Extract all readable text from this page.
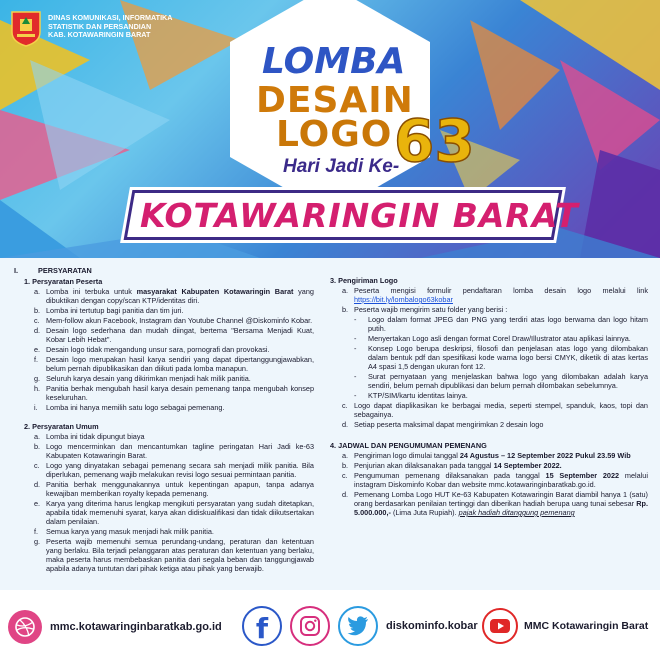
DINAS KOMUNIKASI, INFORMATIKA
STATISTIK DAN PERSANDIAN
KAB. KOTAWARINGIN BARAT
LOMBA
DESAIN
LOGO
Hari Jadi Ke-
63
KOTAWARINGIN BARAT
I.	PERSYARATAN
1. Persyaratan Peserta
a. Lomba ini terbuka untuk masyarakat Kabupaten Kotawaringin Barat yang dibuktikan dengan copy/scan KTP/identitas diri.
b. Lomba ini tertutup bagi panitia dan tim juri.
c. Mem-follow akun Facebook, Instagram dan Youtube Channel @Diskominfo Kobar.
d. Desain logo sederhana dan mudah diingat, bertema "Bersama Menjadi Kuat, Kobar Lebih Hebat".
e. Desain logo tidak mengandung unsur sara, pornografi dan provokasi.
f.	Desain logo merupakan hasil karya sendiri yang dapat dipertanggungjawabkan, belum pernah dipublikasikan dan diikuti pada lomba manapun.
g. Seluruh karya desain yang dikirimkan menjadi hak milik panitia.
h. Panitia berhak mengubah hasil karya desain pemenang tanpa mengubah konsep keseluruhan.
i.	Lomba ini hanya memilih satu logo sebagai pemenang.
2. Persyaratan Umum
a. Lomba ini tidak dipungut biaya
b. Logo mencerminkan dan mencantumkan tagline peringatan Hari Jadi ke-63 Kabupaten Kotawaringin Barat.
c. Logo yang dinyatakan sebagai pemenang secara sah menjadi milik panitia. Bila diperlukan, pemenang wajib melakukan revisi logo sesuai permintaan panitia.
d. Panitia berhak menggunakannya untuk kepentingan apapun, tanpa adanya kewajiban memberikan royalty kepada pemenang.
e. Karya yang diterima harus lengkap mengikuti persyaratan yang sudah ditetapkan, apabila tidak memenuhi syarat, karya akan didiskualifikasi dan tidak diikutsertakan dalam penilaian.
f.	Semua karya yang masuk menjadi hak milik panitia.
g. Peserta wajib memenuhi semua perundang-undang, peraturan dan ketentuan yang berlaku. Bila terjadi pelanggaran atas peraturan dan ketentuan yang berlaku, maka peserta harus membebaskan panitia dari segala beban dan tanggungjawab apabila adanya tuntutan dari pihak ketiga atau pihak yang berwajib.
3. Pengiriman Logo
a. Peserta mengisi formulir pendaftaran lomba desain logo melalui link https://bit.ly/lombalogo63kobar
b. Peserta wajib mengirim satu folder yang berisi :
-	Logo dalam format JPEG dan PNG yang terdiri atas logo berwarna dan logo hitam putih.
-	Menyertakan Logo asli dengan format Corel Draw/Illustrator atau aplikasi lainnya.
-	Konsep Logo berupa deskripsi, filosofi dan penjelasan atas logo yang dilombakan dalam bentuk pdf dan spesifikasi kode warna logo bersi CMYK, diketik di atas kertas A4 spasi 1,5 dengan ukuran font 12.
-	Surat pernyataan yang menjelaskan bahwa logo yang dilombakan adalah karya sendiri, belum pernah dipublikasi dan belum pernah dilombakan sebelumnya.
-	KTP/SIM/kartu identitas lainya.
c. Logo dapat diaplikasikan ke berbagai media, seperti stempel, spanduk, kaos, topi dan sebagainya.
d. Setiap peserta maksimal dapat mengirimkan 2 desain logo
4. JADWAL DAN PENGUMUMAN PEMENANG
a. Pengiriman logo dimulai tanggal 24 Agustus – 12 September 2022 Pukul 23.59 Wib
b. Penjurian akan dilaksanakan pada tanggal 14 September 2022.
c. Pengumuman pemenang dilaksanakan pada tanggal 15 September 2022 melalui instagram Diskominfo Kobar dan website mmc.kotawaringinbaratkab.go.id.
d. Pemenang Lomba Logo HUT Ke-63 Kabupaten Kotawaringin Barat diambil hanya 1 (satu) orang berdasarkan penilaian tertinggi dan diberikan hadiah berupa uang tunai sebesar Rp. 5.000.000,- (Lima Juta Rupiah). pajak hadiah ditanggung pemenang
mmc.kotawaringinbaratkab.go.id f	diskominfo.kobar	MMC Kotawaringin Barat
